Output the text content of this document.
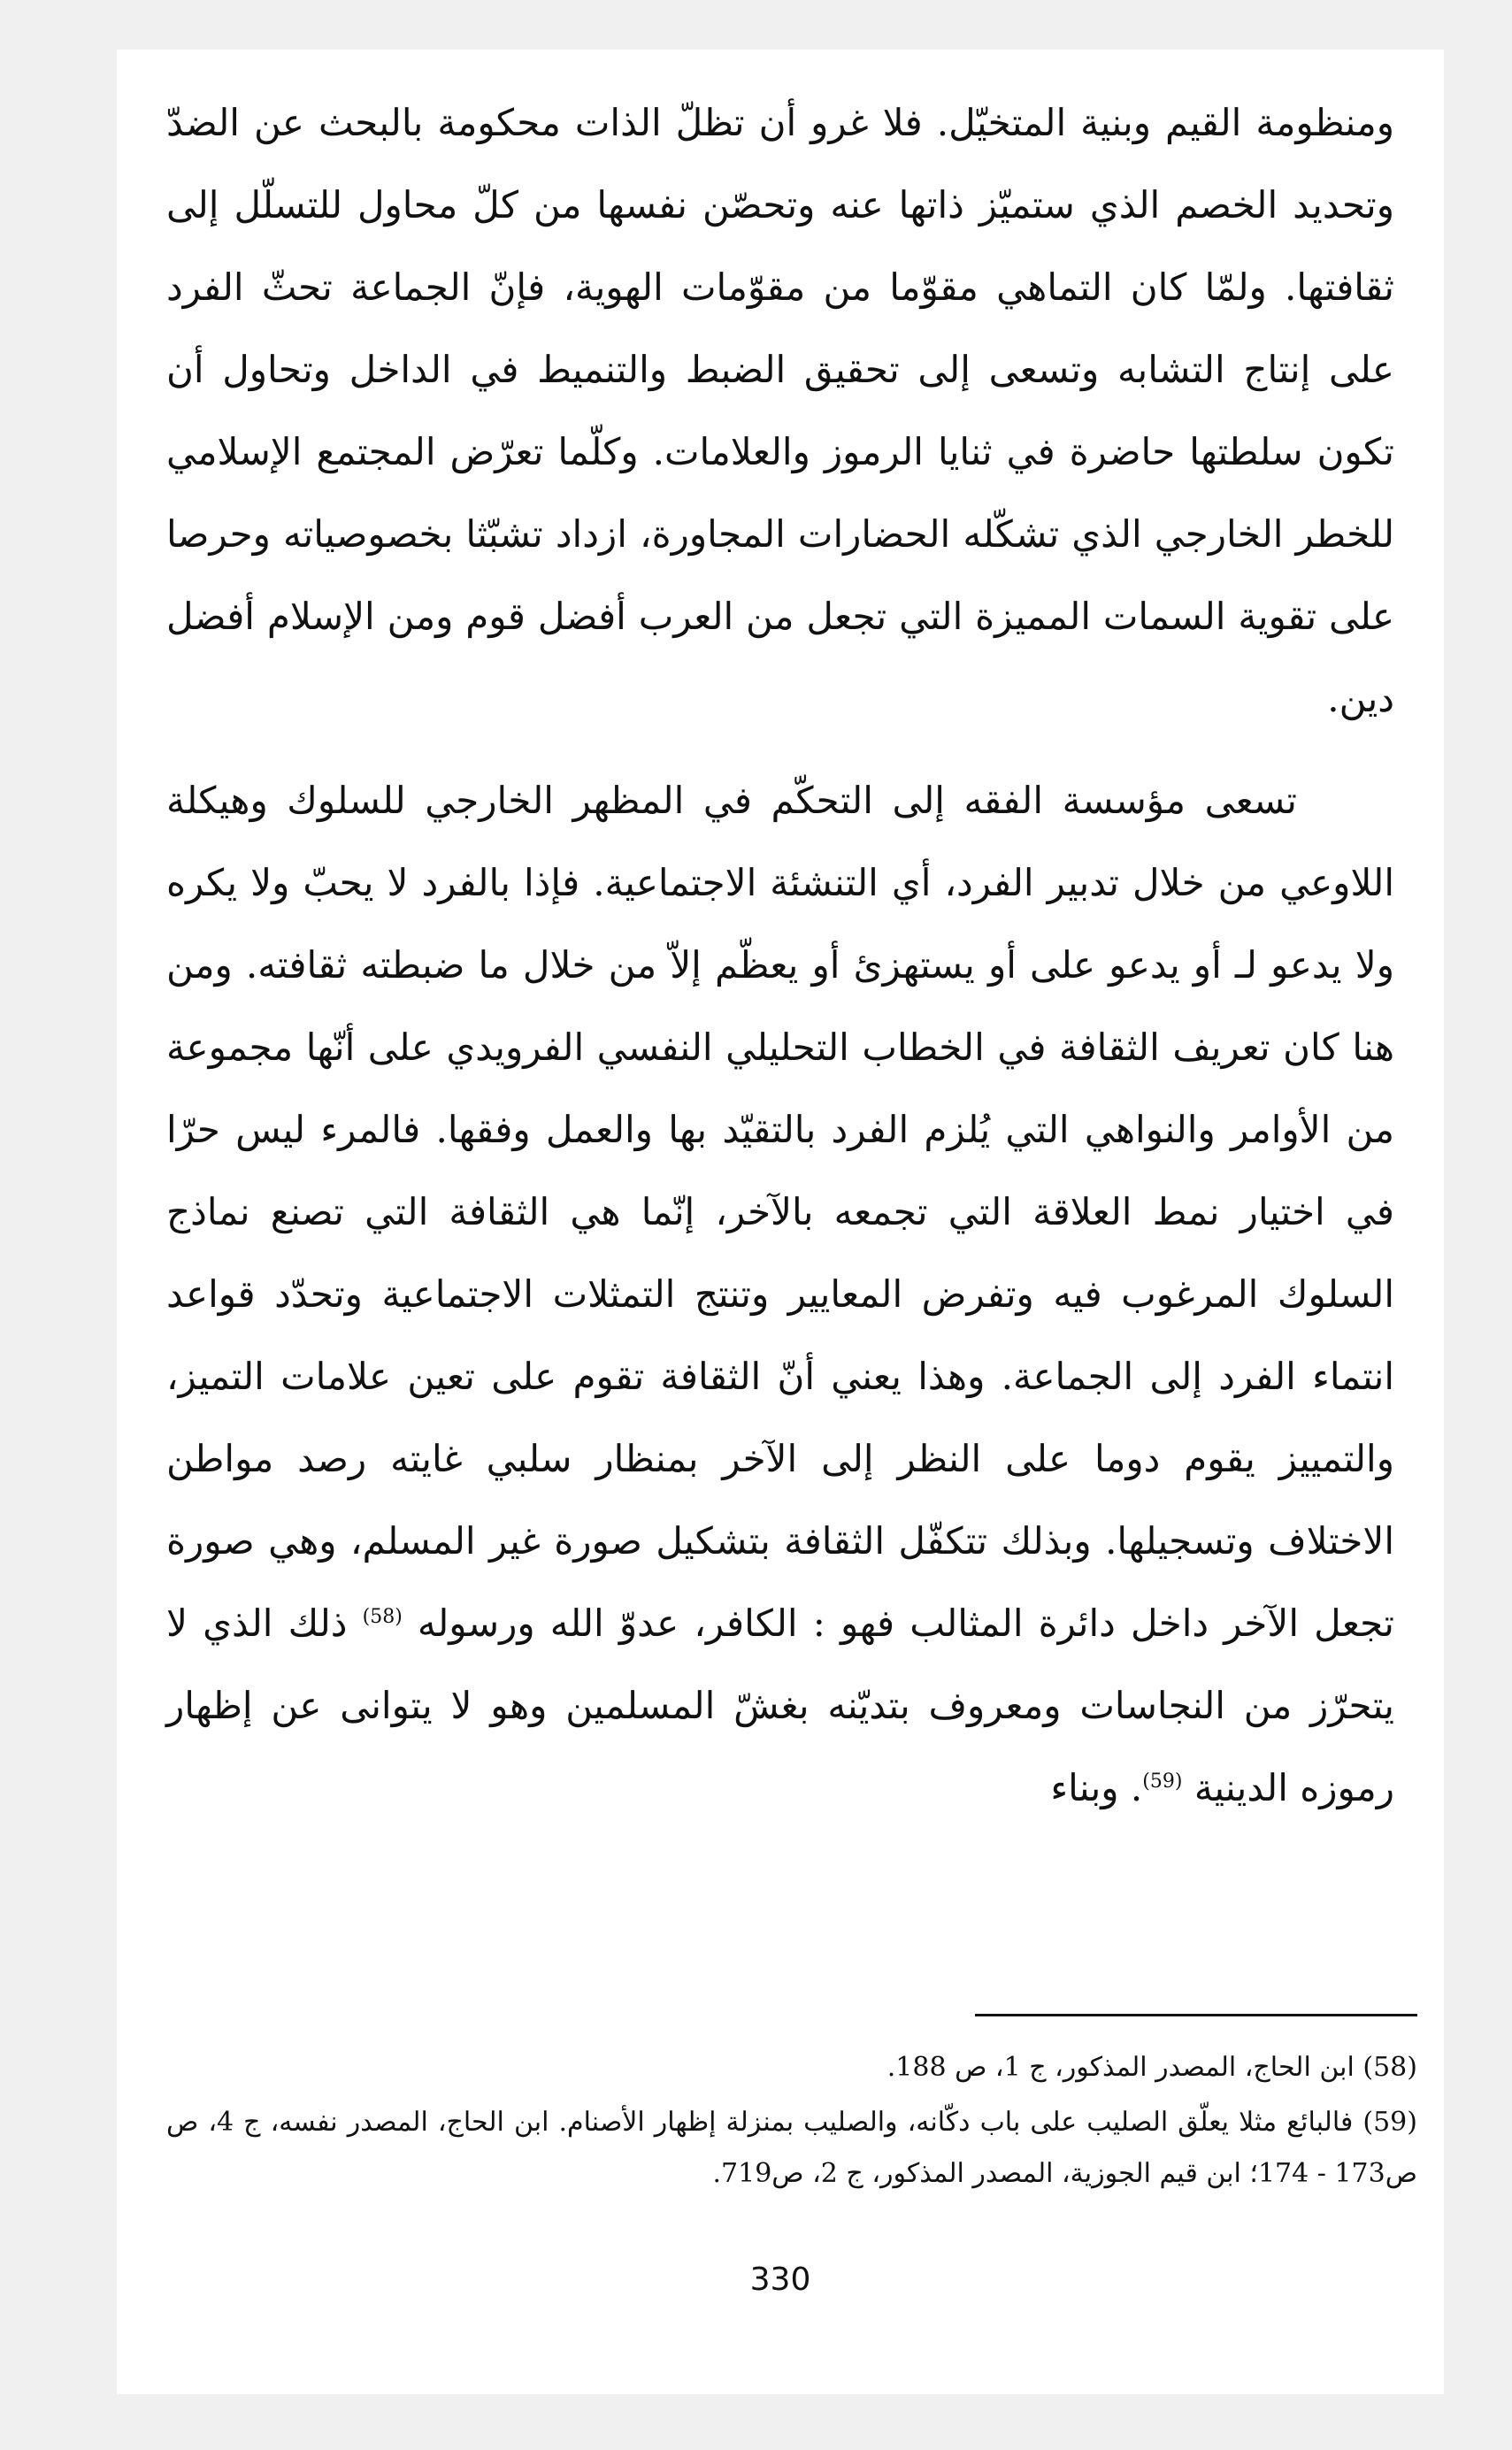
ومنظومة القيم وبنية المتخيّل. فلا غرو أن تظلّ الذات محكومة بالبحث عن الضدّ وتحديد الخصم الذي ستميّز ذاتها عنه وتحصّن نفسها من كلّ محاول للتسلّل إلى ثقافتها. ولمّا كان التماهي مقوّما من مقوّمات الهوية، فإنّ الجماعة تحثّ الفرد على إنتاج التشابه وتسعى إلى تحقيق الضبط والتنميط في الداخل وتحاول أن تكون سلطتها حاضرة في ثنايا الرموز والعلامات. وكلّما تعرّض المجتمع الإسلامي للخطر الخارجي الذي تشكّله الحضارات المجاورة، ازداد تشبّثا بخصوصياته وحرصا على تقوية السمات المميزة التي تجعل من العرب أفضل قوم ومن الإسلام أفضل دين.

تسعى مؤسسة الفقه إلى التحكّم في المظهر الخارجي للسلوك وهيكلة اللاوعي من خلال تدبير الفرد، أي التنشئة الاجتماعية. فإذا بالفرد لا يحبّ ولا يكره ولا يدعو لـ أو يدعو على أو يستهزئ أو يعظّم إلاّ من خلال ما ضبطته ثقافته. ومن هنا كان تعريف الثقافة في الخطاب التحليلي النفسي الفرويدي على أنّها مجموعة من الأوامر والنواهي التي يُلزم الفرد بالتقيّد بها والعمل وفقها. فالمرء ليس حرّا في اختيار نمط العلاقة التي تجمعه بالآخر، إنّما هي الثقافة التي تصنع نماذج السلوك المرغوب فيه وتفرض المعايير وتنتج التمثلات الاجتماعية وتحدّد قواعد انتماء الفرد إلى الجماعة. وهذا يعني أنّ الثقافة تقوم على تعين علامات التميز، والتمييز يقوم دوما على النظر إلى الآخر بمنظار سلبي غايته رصد مواطن الاختلاف وتسجيلها. وبذلك تتكفّل الثقافة بتشكيل صورة غير المسلم، وهي صورة تجعل الآخر داخل دائرة المثالب فهو : الكافر، عدوّ الله ورسوله $^{(58)}$ ذلك الذي لا يتحرّز من النجاسات ومعروف بتديّنه بغشّ المسلمين وهو لا يتوانى عن إظهار رموزه الدينية $^{(59)}$. وبناء

(58) ابن الحاج، المصدر المذكور، ج 1، ص 188.

(59) فالبائع مثلا يعلّق الصليب على باب دكّانه، والصليب بمنزلة إظهار الأصنام. ابن الحاج، المصدر نفسه، ج 4، ص ص173 - 174؛ ابن قيم الجوزية، المصدر المذكور، ج 2، ص719.

330
